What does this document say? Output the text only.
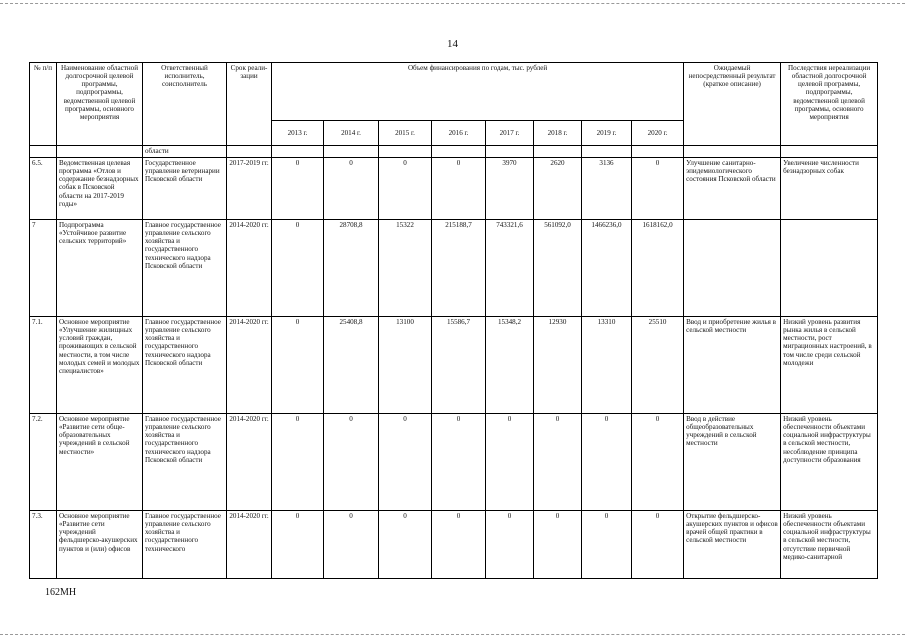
14
№ п/п	Наименование областной долгосрочной целевой программы, подпрограммы, ведомственной целевой программы, основного мероприятия	Ответственный исполнитель, соисполнитель	Срок реали-зации	Объем финансирования по годам, тыс. рублей								Ожидаемый непосредственный результат (краткое описание)	Последствия нереализации областной долгосрочной целевой программы, подпрограммы, ведомственной целевой программы, основного мероприятия
				2013 г.	2014 г.	2015 г.	2016 г.	2017 г.	2018 г.	2019 г.	2020 г.		
		области											
6.5.	Ведомственная целевая программа «Отлов и содержание безнадзорных собак в Псковской области на 2017-2019 годы»	Государственное управление ветеринарии Псковской области	2017-2019 гг.	0	0	0	0	3970	2620	3136	0	Улучшение санитарно-эпидемиологического состояния Псковской области	Увеличение численности безнадзорных собак
7	Подпрограмма «Устойчивое развитие сельских территорий»	Главное государственное управление сельского хозяйства и государственного технического надзора Псковской области	2014-2020 гг.	0	28708,8	15322	215188,7	743321,6	561092,0	1466236,0	1618162,0		
7.1.	Основное мероприятие «Улучшение жилищных условий граждан, проживающих в сельской местности, в том числе молодых семей и молодых специалистов»	Главное государственное управление сельского хозяйства и государственного технического надзора Псковской области	2014-2020 гг.	0	25408,8	13100	15586,7	15348,2	12930	13310	25510	Ввод и приобретение жилья в сельской местности	Низкий уровень развития рынка жилья в сельской местности, рост миграционных настроений, в том числе среди сельской молодежи
7.2.	Основное мероприятие «Развитие сети обще-образовательных учреждений в сельской местности»	Главное государственное управление сельского хозяйства и государственного технического надзора Псковской области	2014-2020 гг.	0	0	0	0	0	0	0	0	Ввод в действие общеобразовательных учреждений в сельской местности	Низкий уровень обеспеченности объектами социальной инфраструктуры в сельской местности, несоблюдение принципа доступности образования
7.3.	Основное мероприятие «Развитие сети учреждений фельдшерско-акушерских пунктов и (или) офисов	Главное государственное управление сельского хозяйства и государственного технического	2014-2020 гг.	0	0	0	0	0	0	0	0	Открытие фельдшерско-акушерских пунктов и офисов врачей общей практики в сельской местности	Низкий уровень обеспеченности объектами социальной инфраструктуры в сельской местности, отсутствие первичной медико-санитарной
162МН
